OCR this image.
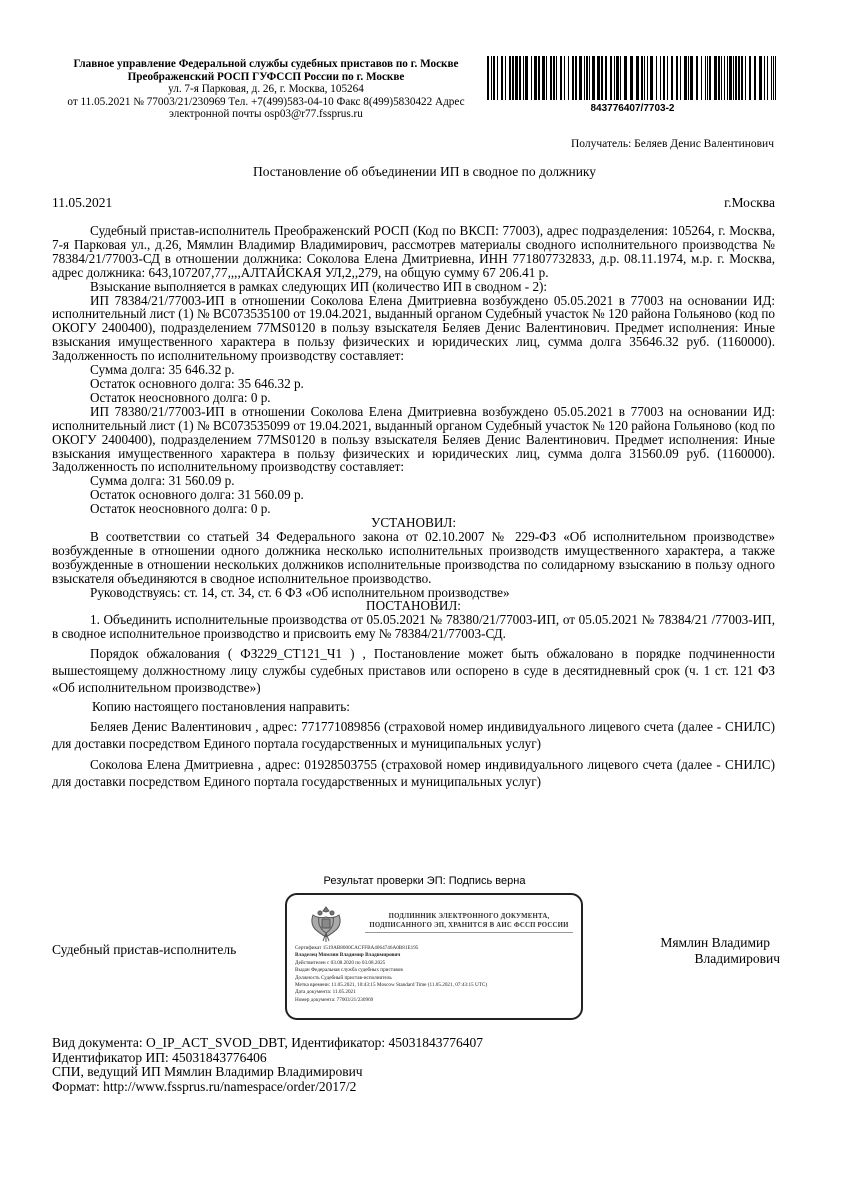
Главное управление Федеральной службы судебных приставов по г. Москве
Преображенский РОСП ГУФССП России по г. Москве
ул. 7-я Парковая, д. 26, г. Москва, 105264
от 11.05.2021 № 77003/21/230969 Тел. +7(499)583-04-10 Факс 8(499)5830422 Адрес электронной почты osp03@r77.fssprus.ru	843776407/7703-2
Получатель: Беляев Денис Валентинович
Постановление об объединении ИП в сводное по должнику
11.05.2021	г.Москва

Судебный пристав-исполнитель Преображенский РОСП (Код по ВКСП: 77003), адрес подразделения: 105264, г. Москва, 7-я Парковая ул., д.26, Мямлин Владимир Владимирович, рассмотрев материалы сводного исполнительного производства № 78384/21/77003-СД в отношении должника: Соколова Елена Дмитриевна, ИНН 771807732833, д.р. 08.11.1974, м.р. г. Москва, адрес должника: 643,107207,77,,,,АЛТАЙСКАЯ УЛ,2,,279, на общую сумму 67 206.41 р.

Взыскание выполняется в рамках следующих ИП (количество ИП в сводном - 2):

ИП 78384/21/77003-ИП в отношении Соколова Елена Дмитриевна возбуждено 05.05.2021 в 77003 на основании ИД: исполнительный лист (1) № ВС073535100 от 19.04.2021, выданный органом Судебный участок № 120 района Гольяново (код по ОКОГУ 2400400), подразделением 77MS0120 в пользу взыскателя Беляев Денис Валентинович. Предмет исполнения: Иные взыскания имущественного характера в пользу физических и юридических лиц, сумма долга 35646.32 руб. (1160000). Задолженность по исполнительному производству составляет:

Сумма долга: 35 646.32 р.

Остаток основного долга: 35 646.32 р.

Остаток неосновного долга: 0 р.

ИП 78380/21/77003-ИП в отношении Соколова Елена Дмитриевна возбуждено 05.05.2021 в 77003 на основании ИД: исполнительный лист (1) № ВС073535099 от 19.04.2021, выданный органом Судебный участок № 120 района Гольяново (код по ОКОГУ 2400400), подразделением 77MS0120 в пользу взыскателя Беляев Денис Валентинович. Предмет исполнения: Иные взыскания имущественного характера в пользу физических и юридических лиц, сумма долга 31560.09 руб. (1160000). Задолженность по исполнительному производству составляет:

Сумма долга: 31 560.09 р.

Остаток основного долга: 31 560.09 р.

Остаток неосновного долга: 0 р.

УСТАНОВИЛ:

В соответствии со статьей 34 Федерального закона от 02.10.2007 № 229-ФЗ «Об исполнительном производстве» возбужденные в отношении одного должника несколько исполнительных производств имущественного характера, а также возбужденные в отношении нескольких должников исполнительные производства по солидарному взысканию в пользу одного взыскателя объединяются в сводное исполнительное производство.

Руководствуясь: ст. 14, ст. 34, ст. 6 ФЗ «Об исполнительном производстве»

ПОСТАНОВИЛ:

1. Объединить исполнительные производства от 05.05.2021 № 78380/21/77003-ИП, от 05.05.2021 № 78384/21 /77003-ИП, в сводное исполнительное производство и присвоить ему № 78384/21/77003-СД.

Порядок обжалования ( ФЗ229_СТ121_Ч1 ) , Постановление может быть обжаловано в порядке подчиненности вышестоящему должностному лицу службы судебных приставов или оспорено в суде в десятидневный срок (ч. 1 ст. 121 ФЗ «Об исполнительном производстве»)

Копию настоящего постановления направить:

Беляев Денис Валентинович , адрес: 771771089856 (страховой номер индивидуального лицевого счета (далее - СНИЛС) для доставки посредством Единого портала государственных и муниципальных услуг)

Соколова Елена Дмитриевна , адрес: 01928503755 (страховой номер индивидуального лицевого счета (далее - СНИЛС) для доставки посредством Единого портала государственных и муниципальных услуг)

Результат проверки ЭП: Подпись верна
ПОДЛИННИК ЭЛЕКТРОННОГО ДОКУМЕНТА,
ПОДПИСАННОГО ЭП, ХРАНИТСЯ В АИС ФССП РОССИИ
Сертификат 1519AB8000CACFFBA4064746A0B81E195
Владелец Мямлин Владимир Владимирович
Действителен с 03.08.2020 по 03.08.2025
Выдан Федеральная служба судебных приставов
Должность Судебный пристав-исполнитель
Метка времени: 11.05.2021, 10:43:15 Moscow Standard Time (11.05.2021, 07:43:15 UTC)
Дата документа: 11.05.2021
Номер документа: 77003/21/230969
Судебный пристав-исполнитель	Мямлин Владимир
Владимирович
Вид документа: O_IP_ACT_SVOD_DBT, Идентификатор: 45031843776407
Идентификатор ИП: 45031843776406
СПИ, ведущий ИП Мямлин Владимир Владимирович
Формат: http://www.fssprus.ru/namespace/order/2017/2
